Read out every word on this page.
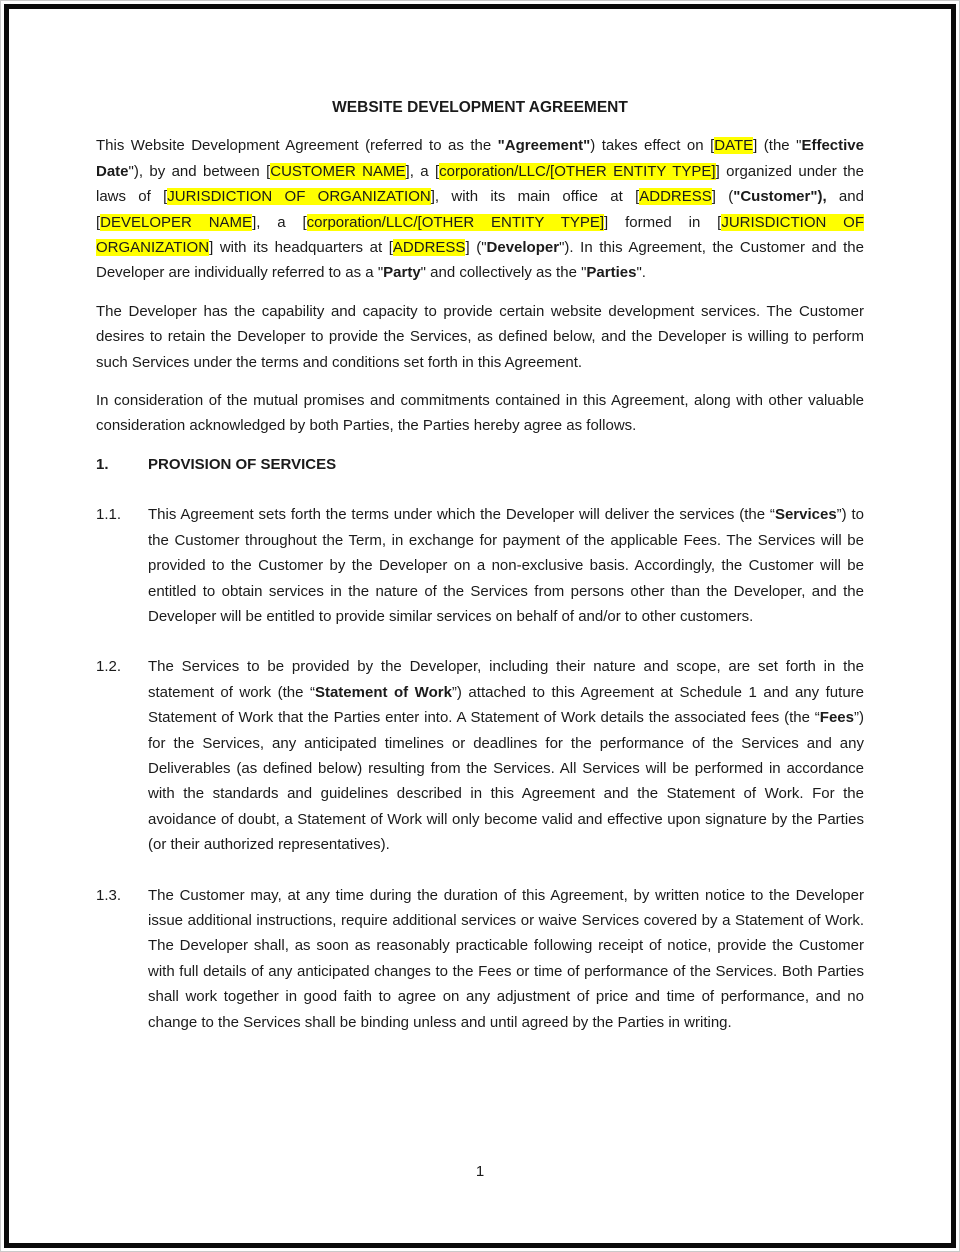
WEBSITE DEVELOPMENT AGREEMENT

This Website Development Agreement (referred to as the "Agreement") takes effect on [DATE] (the "Effective Date"), by and between [CUSTOMER NAME], a [corporation/LLC/[OTHER ENTITY TYPE]] organized under the laws of [JURISDICTION OF ORGANIZATION], with its main office at [ADDRESS] ("Customer"), and [DEVELOPER NAME], a [corporation/LLC/[OTHER ENTITY TYPE]] formed in [JURISDICTION OF ORGANIZATION] with its headquarters at [ADDRESS] ("Developer"). In this Agreement, the Customer and the Developer are individually referred to as a "Party" and collectively as the "Parties".

The Developer has the capability and capacity to provide certain website development services. The Customer desires to retain the Developer to provide the Services, as defined below, and the Developer is willing to perform such Services under the terms and conditions set forth in this Agreement.

In consideration of the mutual promises and commitments contained in this Agreement, along with other valuable consideration acknowledged by both Parties, the Parties hereby agree as follows.

1.	PROVISION OF SERVICES
1.1.	This Agreement sets forth the terms under which the Developer will deliver the services (the “Services”) to the Customer throughout the Term, in exchange for payment of the applicable Fees. The Services will be provided to the Customer by the Developer on a non-exclusive basis. Accordingly, the Customer will be entitled to obtain services in the nature of the Services from persons other than the Developer, and the Developer will be entitled to provide similar services on behalf of and/or to other customers.
1.2.	The Services to be provided by the Developer, including their nature and scope, are set forth in the statement of work (the “Statement of Work”) attached to this Agreement at Schedule 1 and any future Statement of Work that the Parties enter into. A Statement of Work details the associated fees (the “Fees”) for the Services, any anticipated timelines or deadlines for the performance of the Services and any Deliverables (as defined below) resulting from the Services. All Services will be performed in accordance with the standards and guidelines described in this Agreement and the Statement of Work. For the avoidance of doubt, a Statement of Work will only become valid and effective upon signature by the Parties (or their authorized representatives).
1.3.	The Customer may, at any time during the duration of this Agreement, by written notice to the Developer issue additional instructions, require additional services or waive Services covered by a Statement of Work. The Developer shall, as soon as reasonably practicable following receipt of notice, provide the Customer with full details of any anticipated changes to the Fees or time of performance of the Services. Both Parties shall work together in good faith to agree on any adjustment of price and time of performance, and no change to the Services shall be binding unless and until agreed by the Parties in writing.
1
